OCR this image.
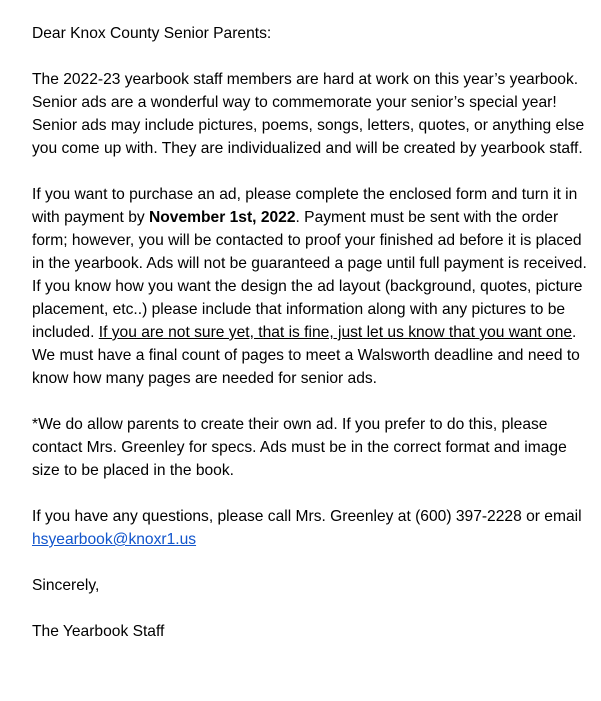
Dear Knox County Senior Parents:

The 2022-23 yearbook staff members are hard at work on this year’s yearbook. Senior ads are a wonderful way to commemorate your senior’s special year! Senior ads may include pictures, poems, songs, letters, quotes, or anything else you come up with. They are individualized and will be created by yearbook staff.

If you want to purchase an ad, please complete the enclosed form and turn it in with payment by November 1st, 2022. Payment must be sent with the order form; however, you will be contacted to proof your finished ad before it is placed in the yearbook. Ads will not be guaranteed a page until full payment is received. If you know how you want the design the ad layout (background, quotes, picture placement, etc..) please include that information along with any pictures to be included. If you are not sure yet, that is fine, just let us know that you want one. We must have a final count of pages to meet a Walsworth deadline and need to know how many pages are needed for senior ads.

*We do allow parents to create their own ad. If you prefer to do this, please contact Mrs. Greenley for specs. Ads must be in the correct format and image size to be placed in the book.

If you have any questions, please call Mrs. Greenley at (600) 397-2228 or email hsyearbook@knoxr1.us

Sincerely,

The Yearbook Staff
